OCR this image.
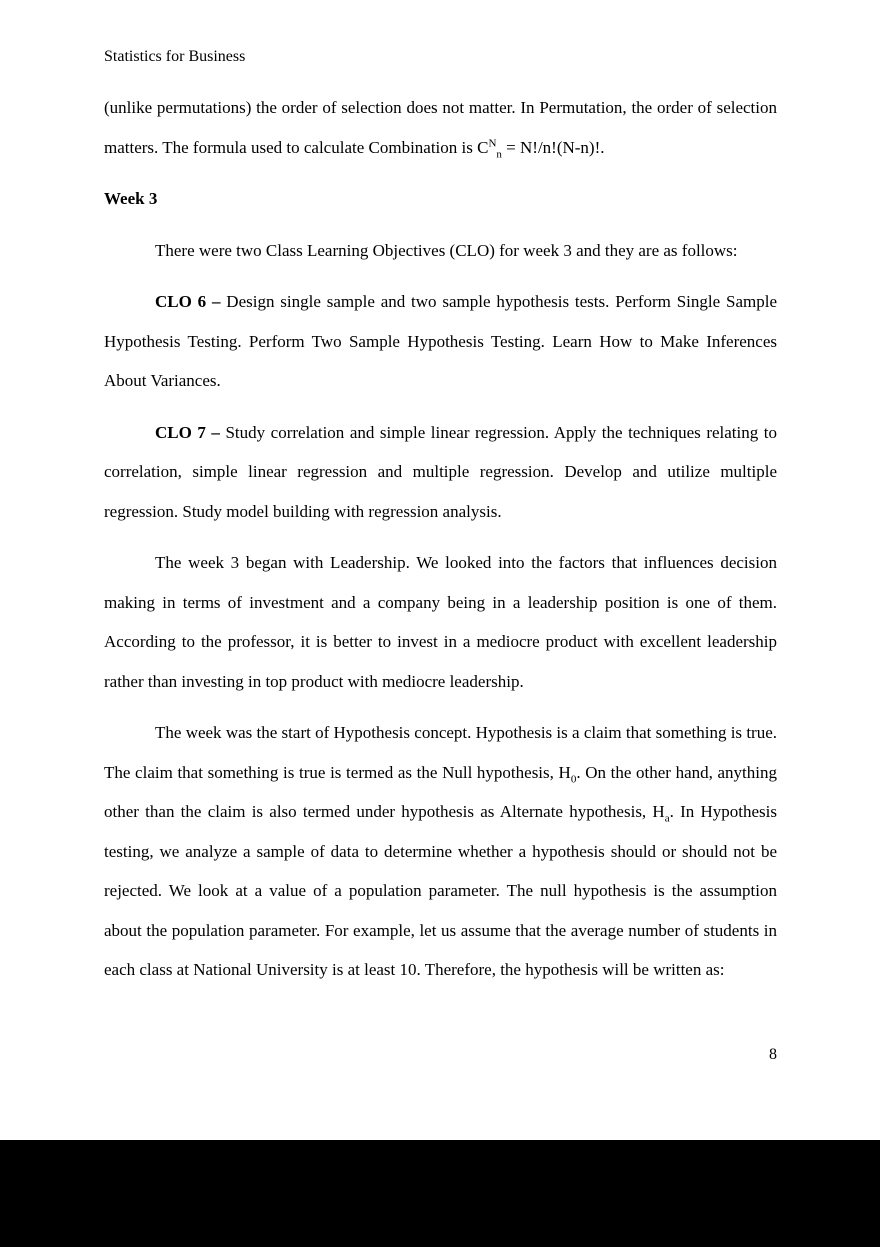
Statistics for Business

(unlike permutations) the order of selection does not matter. In Permutation, the order of selection matters. The formula used to calculate Combination is $C^N_n = N!/n!(N-n)$!.

Week 3

There were two Class Learning Objectives (CLO) for week 3 and they are as follows:

CLO 6 – Design single sample and two sample hypothesis tests. Perform Single Sample Hypothesis Testing. Perform Two Sample Hypothesis Testing. Learn How to Make Inferences About Variances.

CLO 7 – Study correlation and simple linear regression. Apply the techniques relating to correlation, simple linear regression and multiple regression. Develop and utilize multiple regression. Study model building with regression analysis.

The week 3 began with Leadership. We looked into the factors that influences decision making in terms of investment and a company being in a leadership position is one of them. According to the professor, it is better to invest in a mediocre product with excellent leadership rather than investing in top product with mediocre leadership.

The week was the start of Hypothesis concept. Hypothesis is a claim that something is true. The claim that something is true is termed as the Null hypothesis, $H_0$. On the other hand, anything other than the claim is also termed under hypothesis as Alternate hypothesis, $H_a$. In Hypothesis testing, we analyze a sample of data to determine whether a hypothesis should or should not be rejected. We look at a value of a population parameter. The null hypothesis is the assumption about the population parameter. For example, let us assume that the average number of students in each class at National University is at least 10. Therefore, the hypothesis will be written as:

8
